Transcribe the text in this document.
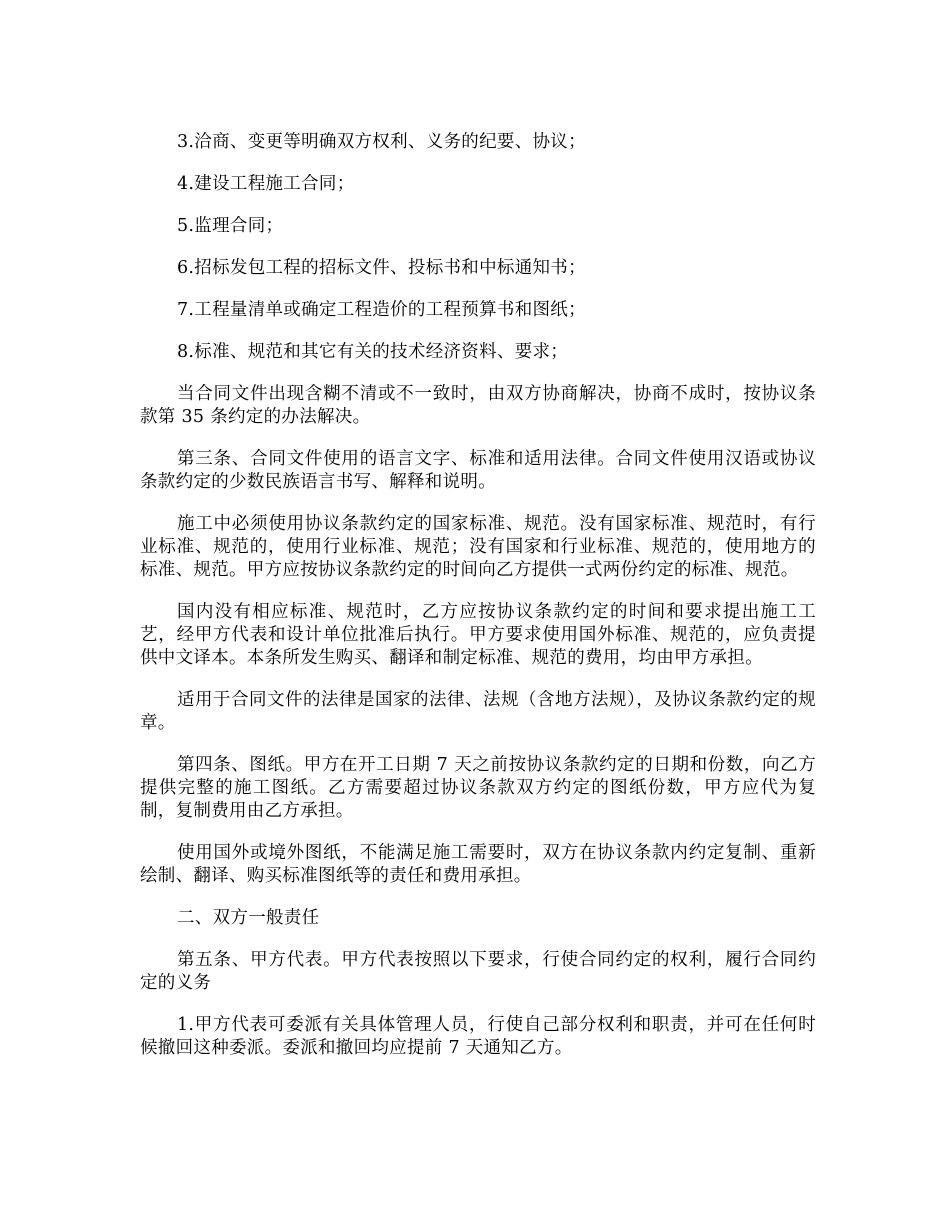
3.洽商、变更等明确双方权利、义务的纪要、协议；

4.建设工程施工合同；

5.监理合同；

6.招标发包工程的招标文件、投标书和中标通知书；

7.工程量清单或确定工程造价的工程预算书和图纸；

8.标准、规范和其它有关的技术经济资料、要求；

当合同文件出现含糊不清或不一致时，由双方协商解决，协商不成时，按协议条款第 35 条约定的办法解决。

第三条、合同文件使用的语言文字、标准和适用法律。合同文件使用汉语或协议条款约定的少数民族语言书写、解释和说明。

施工中必须使用协议条款约定的国家标准、规范。没有国家标准、规范时，有行业标准、规范的，使用行业标准、规范；没有国家和行业标准、规范的，使用地方的标准、规范。甲方应按协议条款约定的时间向乙方提供一式两份约定的标准、规范。

国内没有相应标准、规范时，乙方应按协议条款约定的时间和要求提出施工工艺，经甲方代表和设计单位批准后执行。甲方要求使用国外标准、规范的，应负责提供中文译本。本条所发生购买、翻译和制定标准、规范的费用，均由甲方承担。

适用于合同文件的法律是国家的法律、法规（含地方法规），及协议条款约定的规章。

第四条、图纸。甲方在开工日期 7 天之前按协议条款约定的日期和份数，向乙方提供完整的施工图纸。乙方需要超过协议条款双方约定的图纸份数，甲方应代为复制，复制费用由乙方承担。

使用国外或境外图纸，不能满足施工需要时，双方在协议条款内约定复制、重新绘制、翻译、购买标准图纸等的责任和费用承担。

二、双方一般责任

第五条、甲方代表。甲方代表按照以下要求，行使合同约定的权利，履行合同约定的义务

1.甲方代表可委派有关具体管理人员，行使自己部分权利和职责，并可在任何时候撤回这种委派。委派和撤回均应提前 7 天通知乙方。
